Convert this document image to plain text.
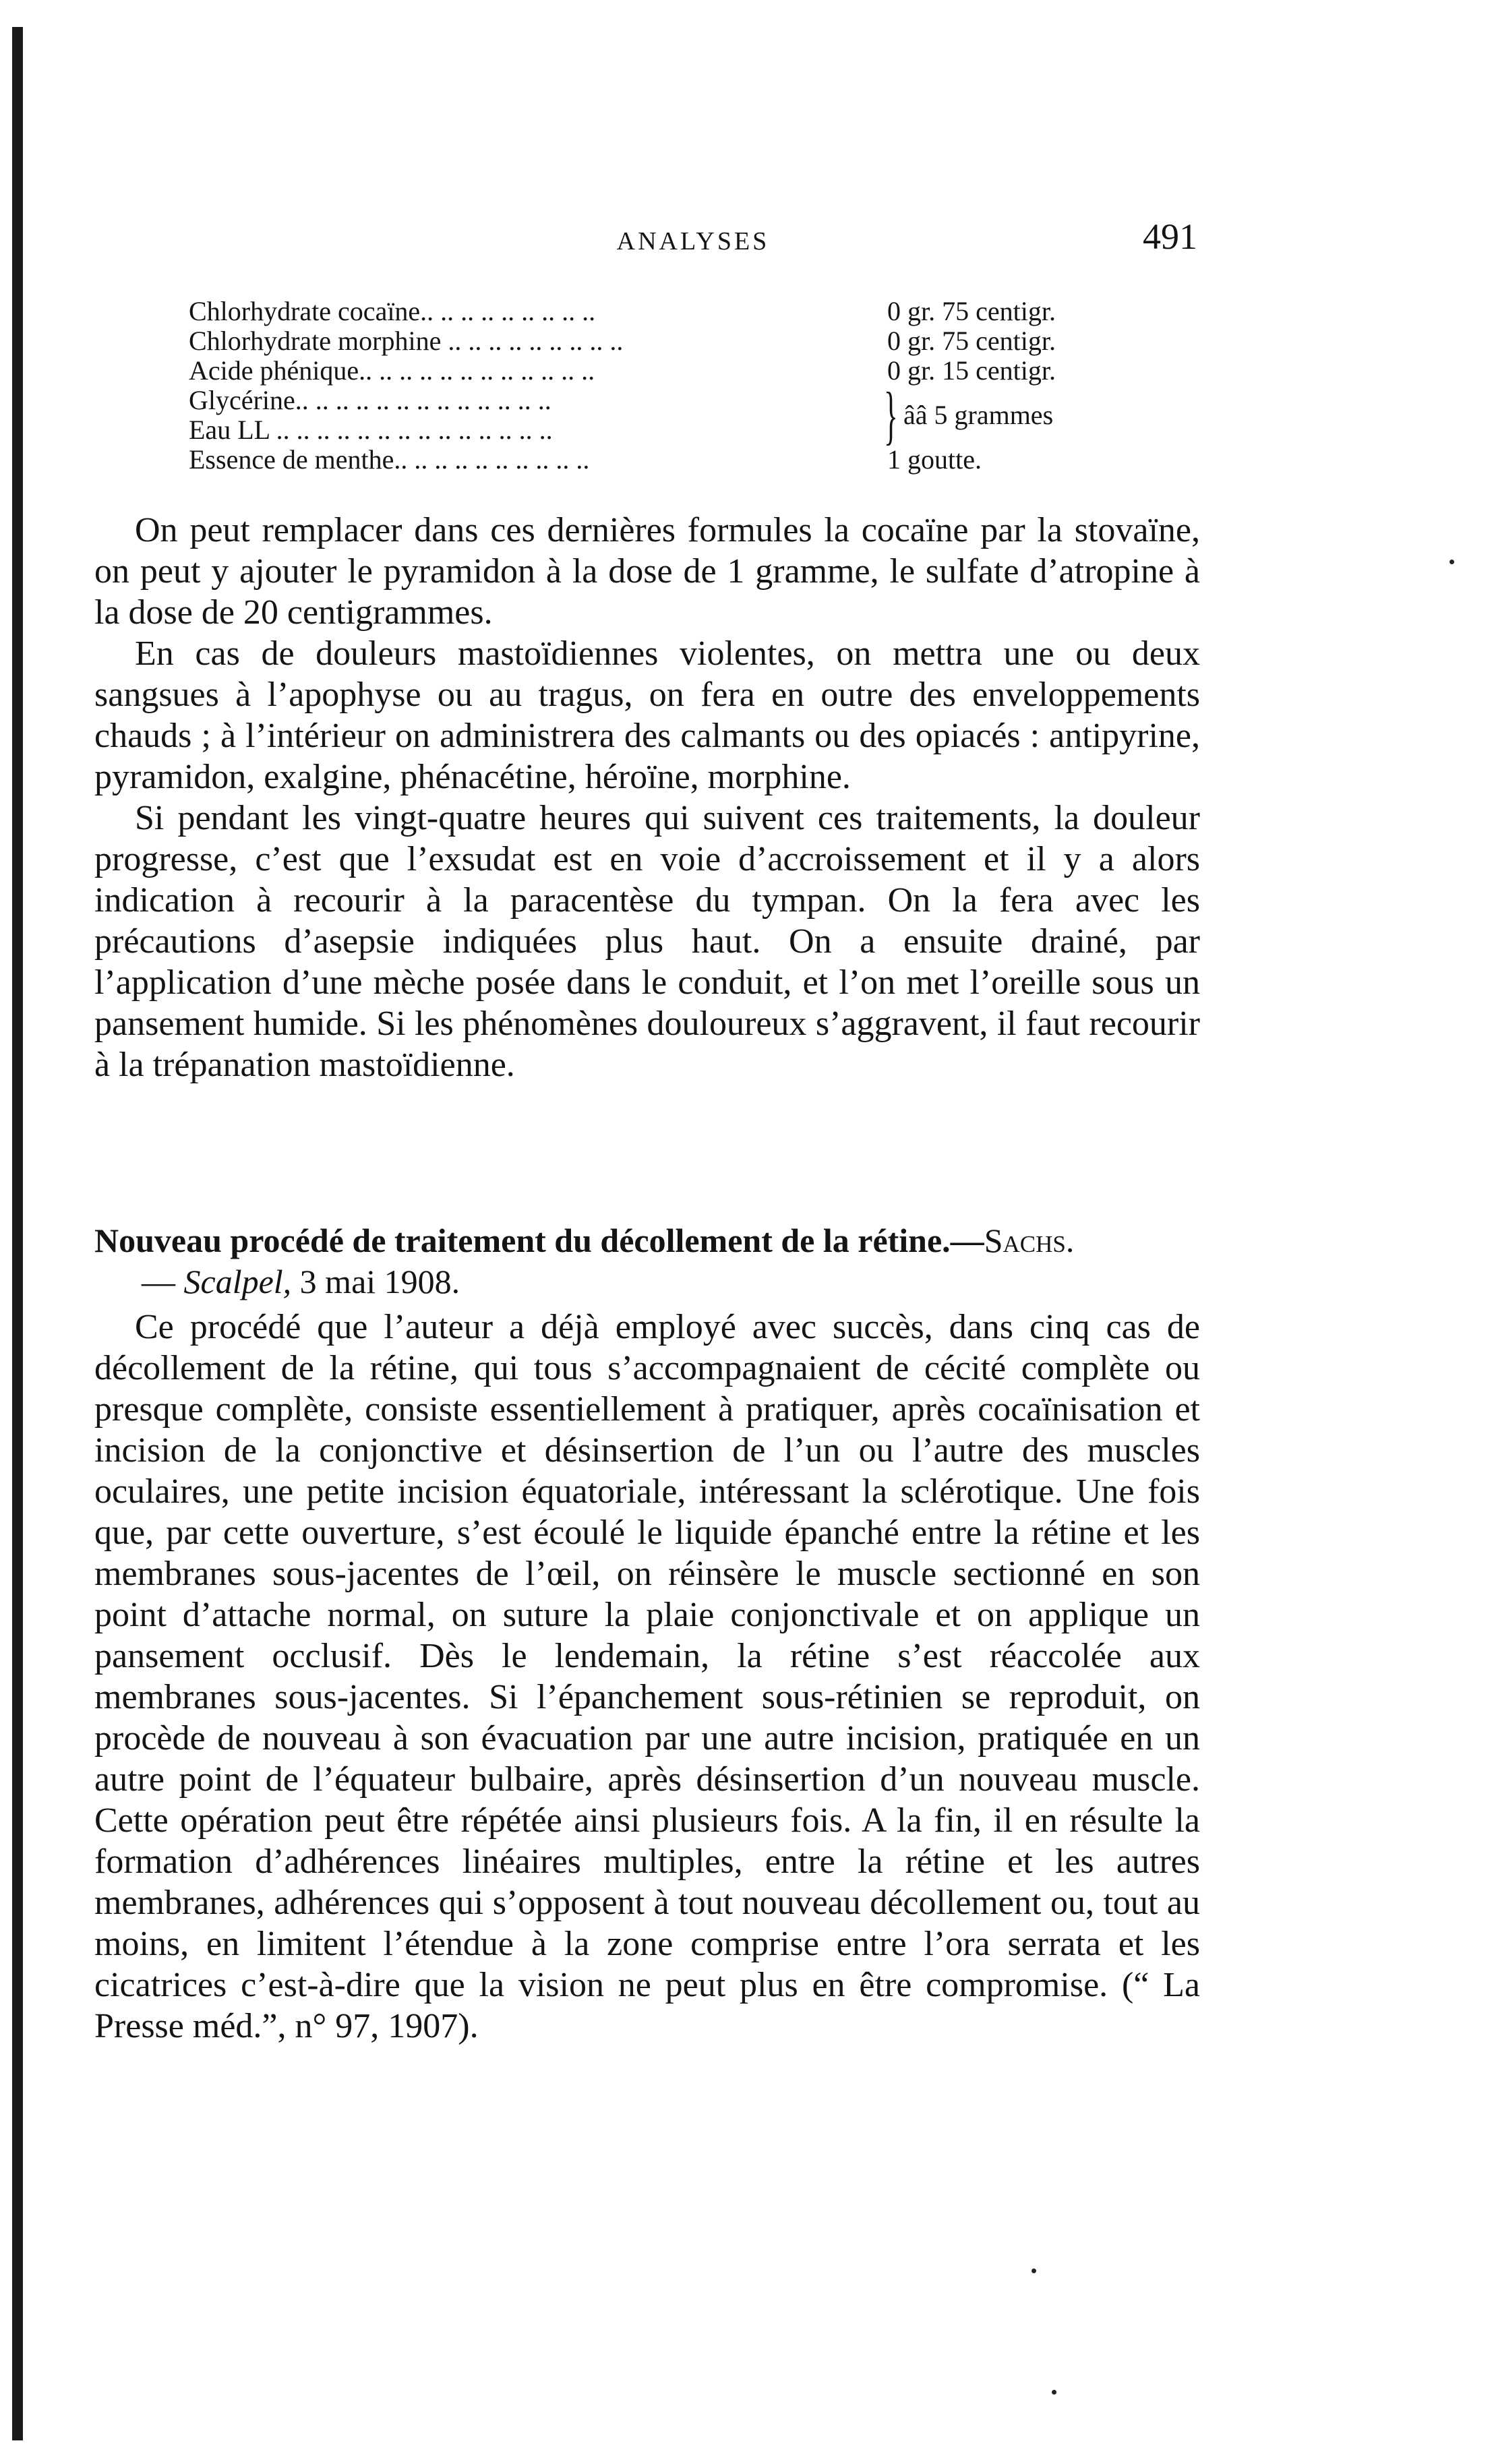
ANALYSES	491
Chlorhydrate cocaïne.. .. .. .. .. .. .. .. ..	0 gr. 75 centigr.
Chlorhydrate morphine .. .. .. .. .. .. .. .. ..	0 gr. 75 centigr.
Acide phénique.. .. .. .. .. .. .. .. .. .. .. ..	0 gr. 15 centigr.
Glycérine.. .. .. .. .. .. .. .. .. .. .. .. ..
Eau LL .. .. .. .. .. .. .. .. .. .. .. .. .. ..	} ââ 5 grammes
Essence de menthe.. .. .. .. .. .. .. .. .. ..	1 goutte.

On peut remplacer dans ces dernières formules la cocaïne par la stovaïne, on peut y ajouter le pyramidon à la dose de 1 gramme, le sulfate d’atropine à la dose de 20 centigrammes.

En cas de douleurs mastoïdiennes violentes, on mettra une ou deux sangsues à l’apophyse ou au tragus, on fera en outre des enveloppements chauds ; à l’intérieur on administrera des calmants ou des opiacés : antipyrine, pyramidon, exalgine, phénacétine, héroïne, morphine.

Si pendant les vingt-quatre heures qui suivent ces traitements, la douleur progresse, c’est que l’exsudat est en voie d’accroissement et il y a alors indication à recourir à la paracentèse du tympan. On la fera avec les précautions d’asepsie indiquées plus haut. On a ensuite drainé, par l’application d’une mèche posée dans le conduit, et l’on met l’oreille sous un pansement humide. Si les phénomènes douloureux s’aggravent, il faut recourir à la trépanation mastoïdienne.

Nouveau procédé de traitement du décollement de la rétine.—Sachs.
— Scalpel, 3 mai 1908.

Ce procédé que l’auteur a déjà employé avec succès, dans cinq cas de décollement de la rétine, qui tous s’accompagnaient de cécité complète ou presque complète, consiste essentiellement à pratiquer, après cocaïnisation et incision de la conjonctive et désinsertion de l’un ou l’autre des muscles oculaires, une petite incision équatoriale, intéressant la sclérotique. Une fois que, par cette ouverture, s’est écoulé le liquide épanché entre la rétine et les membranes sous-jacentes de l’œil, on réinsère le muscle sectionné en son point d’attache normal, on suture la plaie conjonctivale et on applique un pansement occlusif. Dès le lendemain, la rétine s’est réaccolée aux membranes sous-jacentes. Si l’épanchement sous-rétinien se reproduit, on procède de nouveau à son évacuation par une autre incision, pratiquée en un autre point de l’équateur bulbaire, après désinsertion d’un nouveau muscle. Cette opération peut être répétée ainsi plusieurs fois. A la fin, il en résulte la formation d’adhérences linéaires multiples, entre la rétine et les autres membranes, adhérences qui s’opposent à tout nouveau décollement ou, tout au moins, en limitent l’étendue à la zone comprise entre l’ora serrata et les cicatrices c’est-à-dire que la vision ne peut plus en être compromise. (“ La Presse méd.”, n° 97, 1907).
